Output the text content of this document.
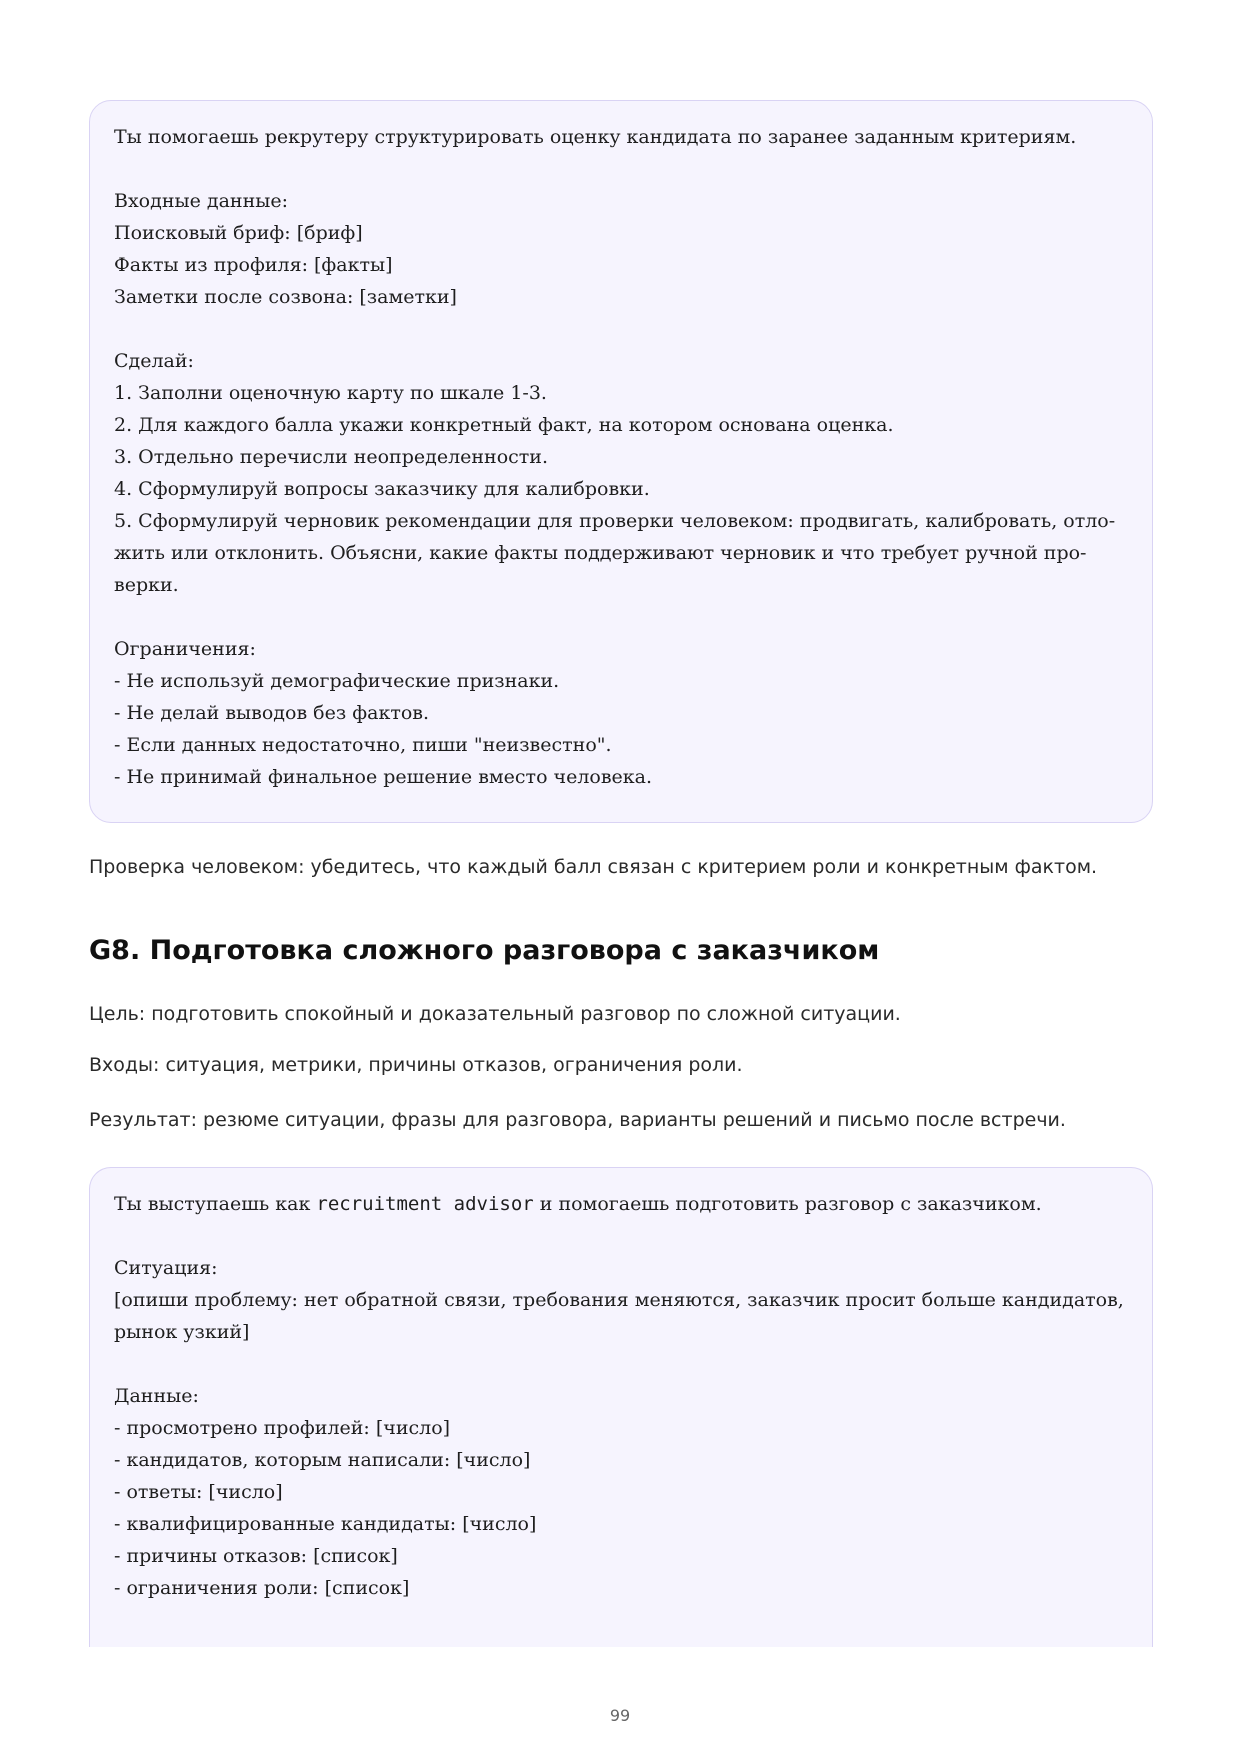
Ты помогаешь рекрутеру структурировать оценку кандидата по заранее заданным критериям.
Входные данные:
Поисковый бриф: [бриф]
Факты из профиля: [факты]
Заметки после созвона: [заметки]
Сделай:
1. Заполни оценочную карту по шкале 1-3.
2. Для каждого балла укажи конкретный факт, на котором основана оценка.
3. Отдельно перечисли неопределенности.
4. Сформулируй вопросы заказчику для калибровки.
5. Сформулируй черновик рекомендации для проверки человеком: продвигать, калибровать, отло-
жить или отклонить. Объясни, какие факты поддерживают черновик и что требует ручной про-
верки.
Ограничения:
- Не используй демографические признаки.
- Не делай выводов без фактов.
- Если данных недостаточно, пиши "неизвестно".
- Не принимай финальное решение вместо человека.
Проверка человеком: убедитесь, что каждый балл связан с критерием роли и конкретным фактом.
G8. Подготовка сложного разговора с заказчиком
Цель: подготовить спокойный и доказательный разговор по сложной ситуации.
Входы: ситуация, метрики, причины отказов, ограничения роли.
Результат: резюме ситуации, фразы для разговора, варианты решений и письмо после встречи.
Ты выступаешь как recruitment advisor и помогаешь подготовить разговор с заказчиком.
Ситуация:
[опиши проблему: нет обратной связи, требования меняются, заказчик просит больше кандидатов,
рынок узкий]
Данные:
- просмотрено профилей: [число]
- кандидатов, которым написали: [число]
- ответы: [число]
- квалифицированные кандидаты: [число]
- причины отказов: [список]
- ограничения роли: [список]
99
